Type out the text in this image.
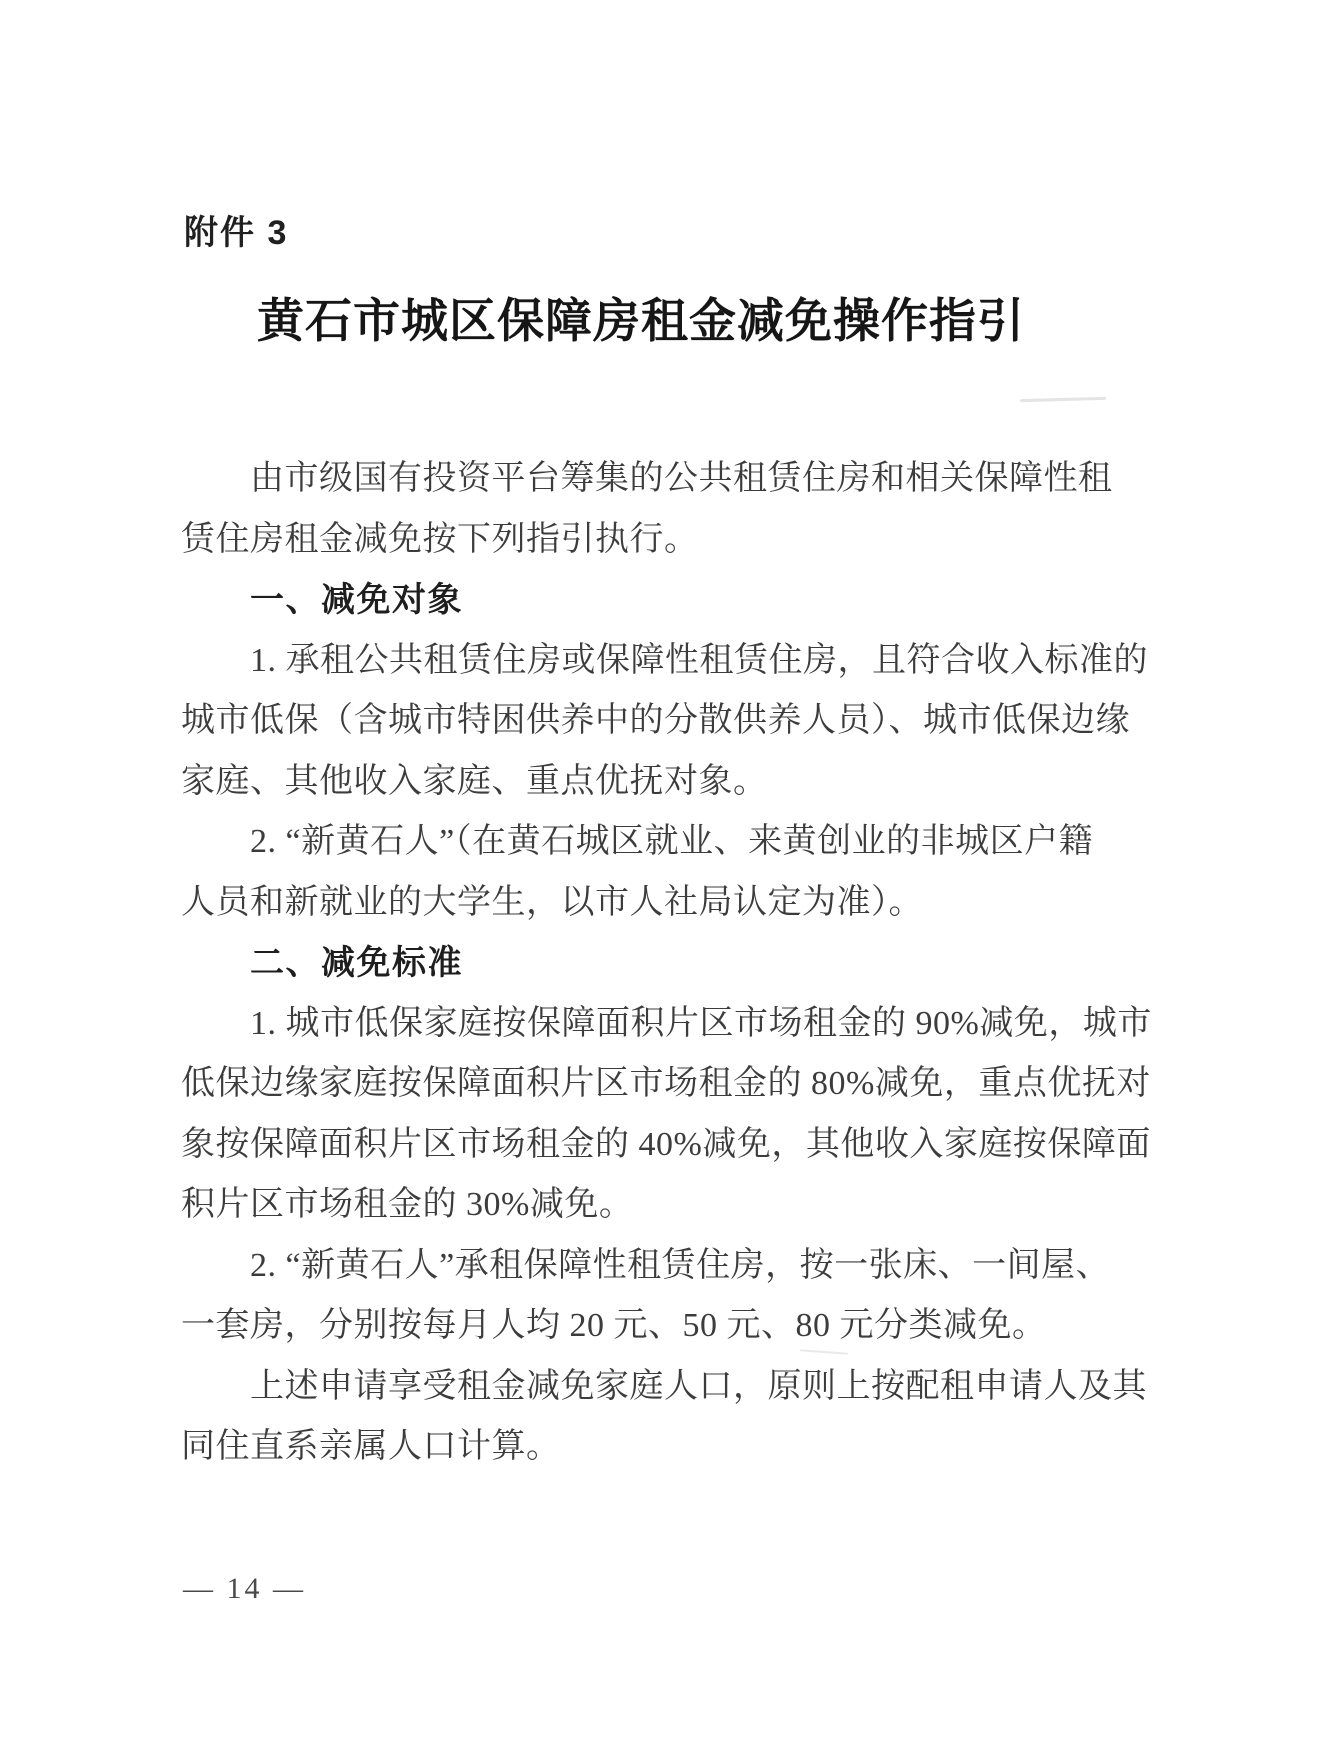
附件 3
黄石市城区保障房租金减免操作指引
由市级国有投资平台筹集的公共租赁住房和相关保障性租
赁住房租金减免按下列指引执行。
一、减免对象
1. 承租公共租赁住房或保障性租赁住房，且符合收入标准的
城市低保（含城市特困供养中的分散供养人员）、城市低保边缘
家庭、其他收入家庭、重点优抚对象。
2. “新黄石人”（在黄石城区就业、来黄创业的非城区户籍
人员和新就业的大学生，以市人社局认定为准）。
二、减免标准
1. 城市低保家庭按保障面积片区市场租金的 90%减免，城市
低保边缘家庭按保障面积片区市场租金的 80%减免，重点优抚对
象按保障面积片区市场租金的 40%减免，其他收入家庭按保障面
积片区市场租金的 30%减免。
2. “新黄石人”承租保障性租赁住房，按一张床、一间屋、
一套房，分别按每月人均 20 元、50 元、80 元分类减免。
上述申请享受租金减免家庭人口，原则上按配租申请人及其
同住直系亲属人口计算。
— 14 —
